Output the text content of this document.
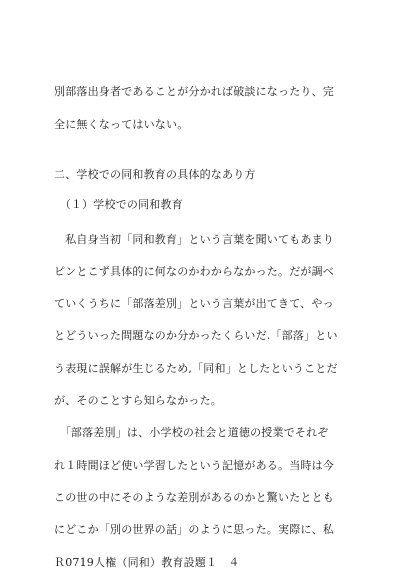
別部落出身者であることが分かれば破談になったり、完
全に無くなってはいない。
二、学校での同和教育の具体的なあり方
　（１）学校での同和教育
　私自身当初「同和教育」という言葉を聞いてもあまり
ピンとこず具体的に何なのかわからなかった。だが調べ
ていくうちに「部落差別」という言葉が出てきて、やっ
とどういった問題なのか分かったくらいだ.「部落」とい
う表現に誤解が生じるため,「同和」としたということだ
が、そのことすら知らなかった。
　「部落差別」は、小学校の社会と道徳の授業でそれぞ
れ１時間ほど使い学習したという記憶がある。当時は今
この世の中にそのような差別があるのかと驚いたととも
にどこか「別の世界の話」のように思った。実際に、私
Ｒ0719人権（同和）教育設題１　４
